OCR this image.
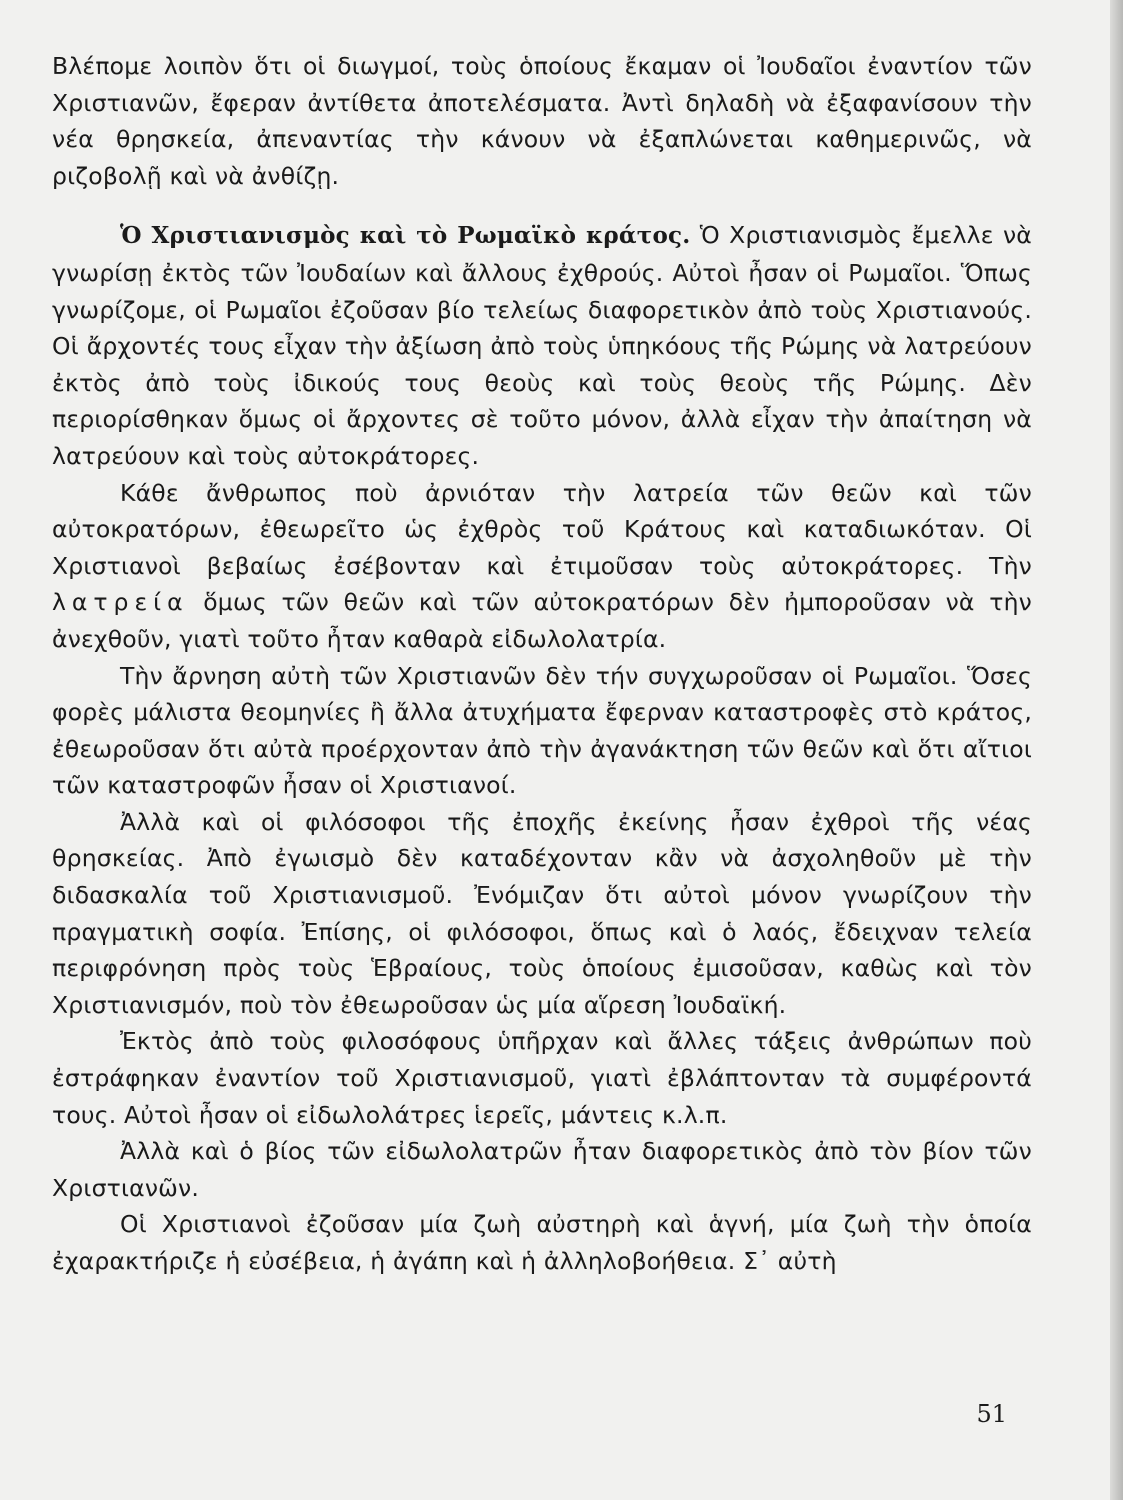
Βλέπομε λοιπὸν ὅτι οἱ διωγμοί, τοὺς ὁποίους ἔκαμαν οἱ Ἰουδαῖοι ἐναντίον τῶν Χριστιανῶν, ἔφεραν ἀντίθετα ἀποτελέσματα. Ἀντὶ δηλαδὴ νὰ ἐξαφανίσουν τὴν νέα θρησκεία, ἀπεναντίας τὴν κάνουν νὰ ἐξαπλώνεται καθημερινῶς, νὰ ριζοβολῇ καὶ νὰ ἀνθίζῃ.

Ὁ Χριστιανισμὸς καὶ τὸ Ρωμαϊκὸ κράτος. Ὁ Χριστιανισμὸς ἔμελλε νὰ γνωρίσῃ ἐκτὸς τῶν Ἰουδαίων καὶ ἄλλους ἐχθρούς. Αὐτοὶ ἦσαν οἱ Ρωμαῖοι. Ὅπως γνωρίζομε, οἱ Ρωμαῖοι ἐζοῦσαν βίο τελείως διαφορετικὸν ἀπὸ τοὺς Χριστιανούς. Οἱ ἄρχοντές τους εἶχαν τὴν ἀξίωση ἀπὸ τοὺς ὑπηκόους τῆς Ρώμης νὰ λατρεύουν ἐκτὸς ἀπὸ τοὺς ἰδικούς τους θεοὺς καὶ τοὺς θεοὺς τῆς Ρώμης. Δὲν περιορίσθηκαν ὅμως οἱ ἄρχοντες σὲ τοῦτο μόνον, ἀλλὰ εἶχαν τὴν ἀπαίτηση νὰ λατρεύουν καὶ τοὺς αὐτοκράτορες.

Κάθε ἄνθρωπος ποὺ ἀρνιόταν τὴν λατρεία τῶν θεῶν καὶ τῶν αὐτοκρατόρων, ἐθεωρεῖτο ὡς ἐχθρὸς τοῦ Κράτους καὶ καταδιωκόταν. Οἱ Χριστιανοὶ βεβαίως ἐσέβονταν καὶ ἐτιμοῦσαν τοὺς αὐτοκράτορες. Τὴν λατρεία ὅμως τῶν θεῶν καὶ τῶν αὐτοκρατόρων δὲν ἠμποροῦσαν νὰ τὴν ἀνεχθοῦν, γιατὶ τοῦτο ἦταν καθαρὰ εἰδωλολατρία.

Τὴν ἄρνηση αὐτὴ τῶν Χριστιανῶν δὲν τήν συγχωροῦσαν οἱ Ρωμαῖοι. Ὅσες φορὲς μάλιστα θεομηνίες ἢ ἄλλα ἀτυχήματα ἔφερναν καταστροφὲς στὸ κράτος, ἐθεωροῦσαν ὅτι αὐτὰ προέρχονταν ἀπὸ τὴν ἀγανάκτηση τῶν θεῶν καὶ ὅτι αἴτιοι τῶν καταστροφῶν ἦσαν οἱ Χριστιανοί.

Ἀλλὰ καὶ οἱ φιλόσοφοι τῆς ἐποχῆς ἐκείνης ἦσαν ἐχθροὶ τῆς νέας θρησκείας. Ἀπὸ ἐγωισμὸ δὲν καταδέχονταν κἂν νὰ ἀσχοληθοῦν μὲ τὴν διδασκαλία τοῦ Χριστιανισμοῦ. Ἐνόμιζαν ὅτι αὐτοὶ μόνον γνωρίζουν τὴν πραγματικὴ σοφία. Ἐπίσης, οἱ φιλόσοφοι, ὅπως καὶ ὁ λαός, ἔδειχναν τελεία περιφρόνηση πρὸς τοὺς Ἑβραίους, τοὺς ὁποίους ἐμισοῦσαν, καθὼς καὶ τὸν Χριστιανισμόν, ποὺ τὸν ἐθεωροῦσαν ὡς μία αἵρεση Ἰουδαϊκή.

Ἐκτὸς ἀπὸ τοὺς φιλοσόφους ὑπῆρχαν καὶ ἄλλες τάξεις ἀνθρώπων ποὺ ἐστράφηκαν ἐναντίον τοῦ Χριστιανισμοῦ, γιατὶ ἐβλάπτονταν τὰ συμφέροντά τους. Αὐτοὶ ἦσαν οἱ εἰδωλολάτρες ἱερεῖς, μάντεις κ.λ.π.

Ἀλλὰ καὶ ὁ βίος τῶν εἰδωλολατρῶν ἦταν διαφορετικὸς ἀπὸ τὸν βίον τῶν Χριστιανῶν.

Οἱ Χριστιανοὶ ἐζοῦσαν μία ζωὴ αὐστηρὴ καὶ ἁγνή, μία ζωὴ τὴν ὁποία ἐχαρακτήριζε ἡ εὐσέβεια, ἡ ἀγάπη καὶ ἡ ἀλληλοβοήθεια. Σ᾽ αὐτὴ

51
